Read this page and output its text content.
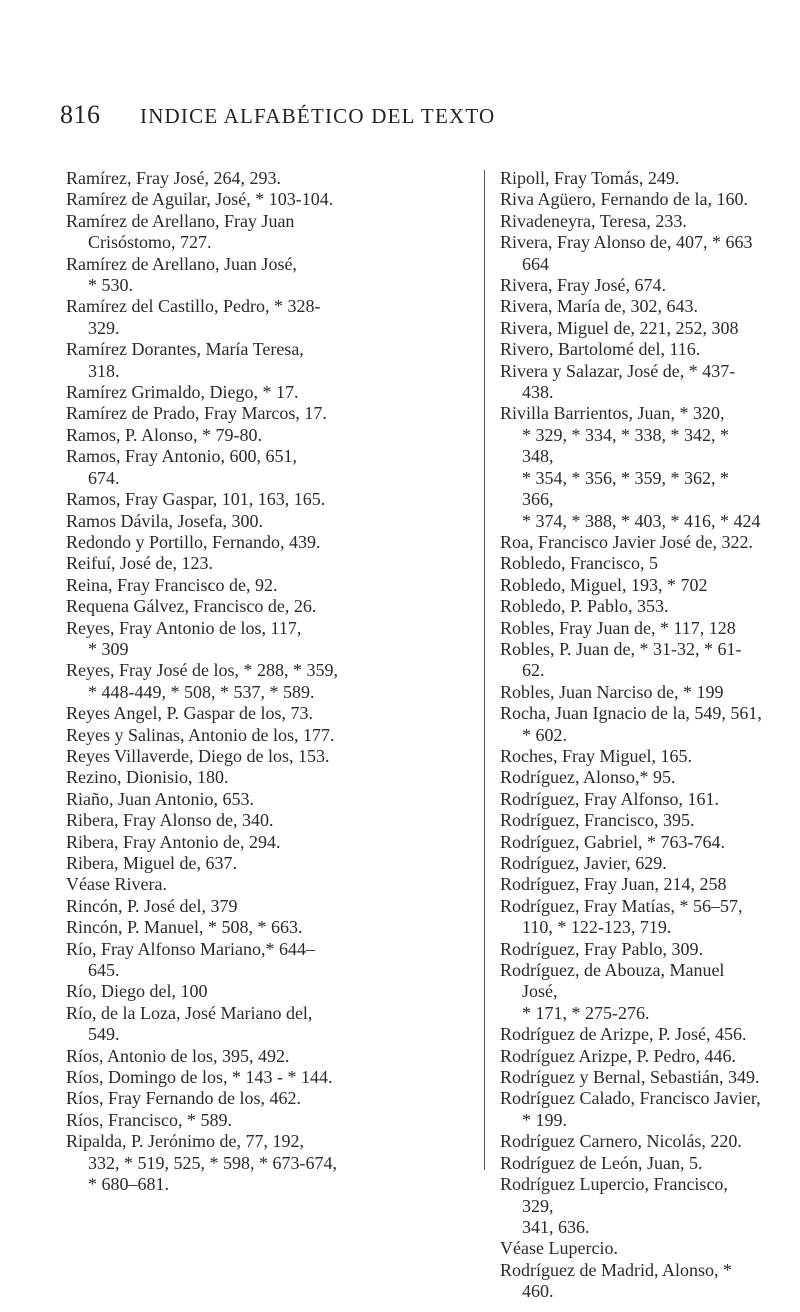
816 INDICE ALFABÉTICO DEL TEXTO

Ramírez, Fray José, 264, 293.

Ramírez de Aguilar, José, * 103-104.

Ramírez de Arellano, Fray Juan
Crisóstomo, 727.

Ramírez de Arellano, Juan José,
* 530.

Ramírez del Castillo, Pedro, * 328-
329.

Ramírez Dorantes, María Teresa,
318.

Ramírez Grimaldo, Diego, * 17.

Ramírez de Prado, Fray Marcos, 17.

Ramos, P. Alonso, * 79-80.

Ramos, Fray Antonio, 600, 651,
674.

Ramos, Fray Gaspar, 101, 163, 165.

Ramos Dávila, Josefa, 300.

Redondo y Portillo, Fernando, 439.

Reifuí, José de, 123.

Reina, Fray Francisco de, 92.

Requena Gálvez, Francisco de, 26.

Reyes, Fray Antonio de los, 117,
* 309

Reyes, Fray José de los, * 288, * 359,
* 448-449, * 508, * 537, * 589.

Reyes Angel, P. Gaspar de los, 73.

Reyes y Salinas, Antonio de los, 177.

Reyes Villaverde, Diego de los, 153.

Rezino, Dionisio, 180.

Riaño, Juan Antonio, 653.

Ribera, Fray Alonso de, 340.

Ribera, Fray Antonio de, 294.

Ribera, Miguel de, 637.

Véase Rivera.

Rincón, P. José del, 379

Rincón, P. Manuel, * 508, * 663.

Río, Fray Alfonso Mariano,* 644–
645.

Río, Diego del, 100

Río, de la Loza, José Mariano del,
549.

Ríos, Antonio de los, 395, 492.

Ríos, Domingo de los, * 143 - * 144.

Ríos, Fray Fernando de los, 462.

Ríos, Francisco, * 589.

Ripalda, P. Jerónimo de, 77, 192,
332, * 519, 525, * 598, * 673-674,
* 680–681.

Ripoll, Fray Tomás, 249.

Riva Agüero, Fernando de la, 160.

Rivadeneyra, Teresa, 233.

Rivera, Fray Alonso de, 407, * 663
664

Rivera, Fray José, 674.

Rivera, María de, 302, 643.

Rivera, Miguel de, 221, 252, 308

Rivero, Bartolomé del, 116.

Rivera y Salazar, José de, * 437-
438.

Rivilla Barrientos, Juan, * 320,
* 329, * 334, * 338, * 342, * 348,
* 354, * 356, * 359, * 362, * 366,
* 374, * 388, * 403, * 416, * 424

Roa, Francisco Javier José de, 322.

Robledo, Francisco, 5

Robledo, Miguel, 193, * 702

Robledo, P. Pablo, 353.

Robles, Fray Juan de, * 117, 128

Robles, P. Juan de, * 31-32, * 61-62.

Robles, Juan Narciso de, * 199

Rocha, Juan Ignacio de la, 549, 561,
* 602.

Roches, Fray Miguel, 165.

Rodríguez, Alonso,* 95.

Rodríguez, Fray Alfonso, 161.

Rodríguez, Francisco, 395.

Rodríguez, Gabriel, * 763-764.

Rodríguez, Javier, 629.

Rodríguez, Fray Juan, 214, 258

Rodríguez, Fray Matías, * 56–57,
110, * 122-123, 719.

Rodríguez, Fray Pablo, 309.

Rodríguez, de Abouza, Manuel José,
* 171, * 275-276.

Rodríguez de Arizpe, P. José, 456.

Rodríguez Arizpe, P. Pedro, 446.

Rodríguez y Bernal, Sebastián, 349.

Rodríguez Calado, Francisco Javier,
* 199.

Rodríguez Carnero, Nicolás, 220.

Rodríguez de León, Juan, 5.

Rodríguez Lupercio, Francisco, 329,
341, 636.

Véase Lupercio.

Rodríguez de Madrid, Alonso, * 460.
